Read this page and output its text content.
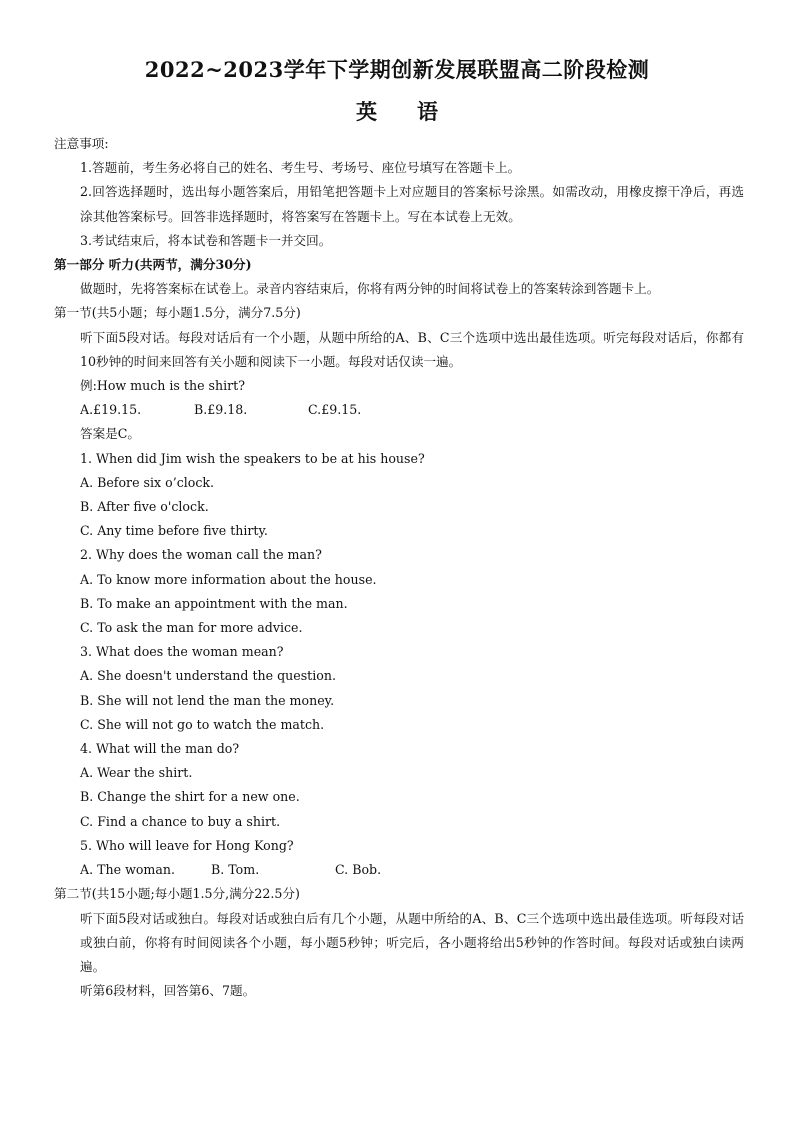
2022~2023学年下学期创新发展联盟高二阶段检测
英语
注意事项:
1.答题前，考生务必将自己的姓名、考生号、考场号、座位号填写在答题卡上。
2.回答选择题时，选出每小题答案后，用铅笔把答题卡上对应题目的答案标号涂黑。如需改动，用橡皮擦干净后，再选涂其他答案标号。回答非选择题时，将答案写在答题卡上。写在本试卷上无效。
3.考试结束后，将本试卷和答题卡一并交回。
第一部分 听力(共两节，满分30分)
做题时，先将答案标在试卷上。录音内容结束后，你将有两分钟的时间将试卷上的答案转涂到答题卡上。
第一节(共5小题；每小题1.5分，满分7.5分)
听下面5段对话。每段对话后有一个小题，从题中所给的A、B、C三个选项中选出最佳选项。听完每段对话后，你都有10秒钟的时间来回答有关小题和阅读下一小题。每段对话仅读一遍。
例:How much is the shirt?
A.£19.15.	B.£9.18.	C.£9.15.
答案是C。
1. When did Jim wish the speakers to be at his house?
A. Before six o’clock.
B. After five o'clock.
C. Any time before five thirty.
2. Why does the woman call the man?
A. To know more information about the house.
B. To make an appointment with the man.
C. To ask the man for more advice.
3. What does the woman mean?
A. She doesn't understand the question.
B. She will not lend the man the money.
C. She will not go to watch the match.
4. What will the man do?
A. Wear the shirt.
B. Change the shirt for a new one.
C. Find a chance to buy a shirt.
5. Who will leave for Hong Kong?
A. The woman.	B. Tom.	C. Bob.
第二节(共15小题;每小题1.5分,满分22.5分)
听下面5段对话或独白。每段对话或独白后有几个小题，从题中所给的A、B、C三个选项中选出最佳选项。听每段对话或独白前，你将有时间阅读各个小题，每小题5秒钟；听完后，各小题将给出5秒钟的作答时间。每段对话或独白读两遍。
听第6段材料，回答第6、7题。
